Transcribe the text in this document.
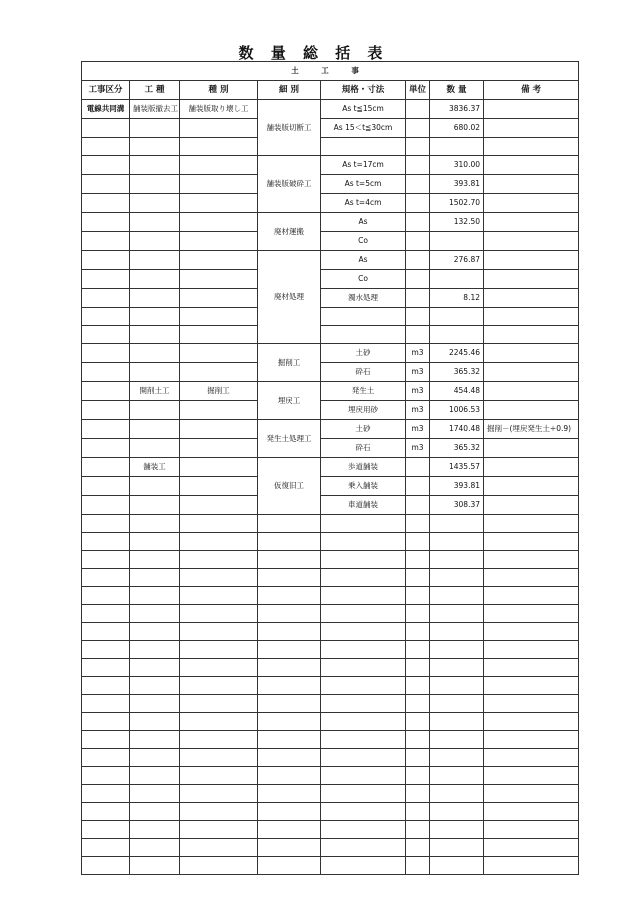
数 量 総 括 表
土 工 事							
工事区分	工 種	種 別	細 別	規格・寸法	単位	数 量	備 考
電線共同溝	舗装版撤去工	舗装版取り壊し工	舗装版切断工	As t≦15cm		3836.37	
				As 15＜t≦30cm		680.02	

			舗装版破砕工	As t=17cm		310.00	
				As t=5cm		393.81	
				As t=4cm		1502.70	
			廃材運搬	As		132.50	
				Co			
			廃材処理	As		276.87	
				Co			
				濁水処理		8.12	

			掘削工	土砂	m3	2245.46	
				砕石	m3	365.32	
	開削土工	掘削工	埋戻工	発生土	m3	454.48	
				埋戻用砂	m3	1006.53	
			発生土処理工	土砂	m3	1740.48	掘削－(埋戻発生土÷0.9)
				砕石	m3	365.32	
	舗装工		仮復旧工	歩道舗装		1435.57	
				乗入舗装		393.81	
				車道舗装		308.37	
